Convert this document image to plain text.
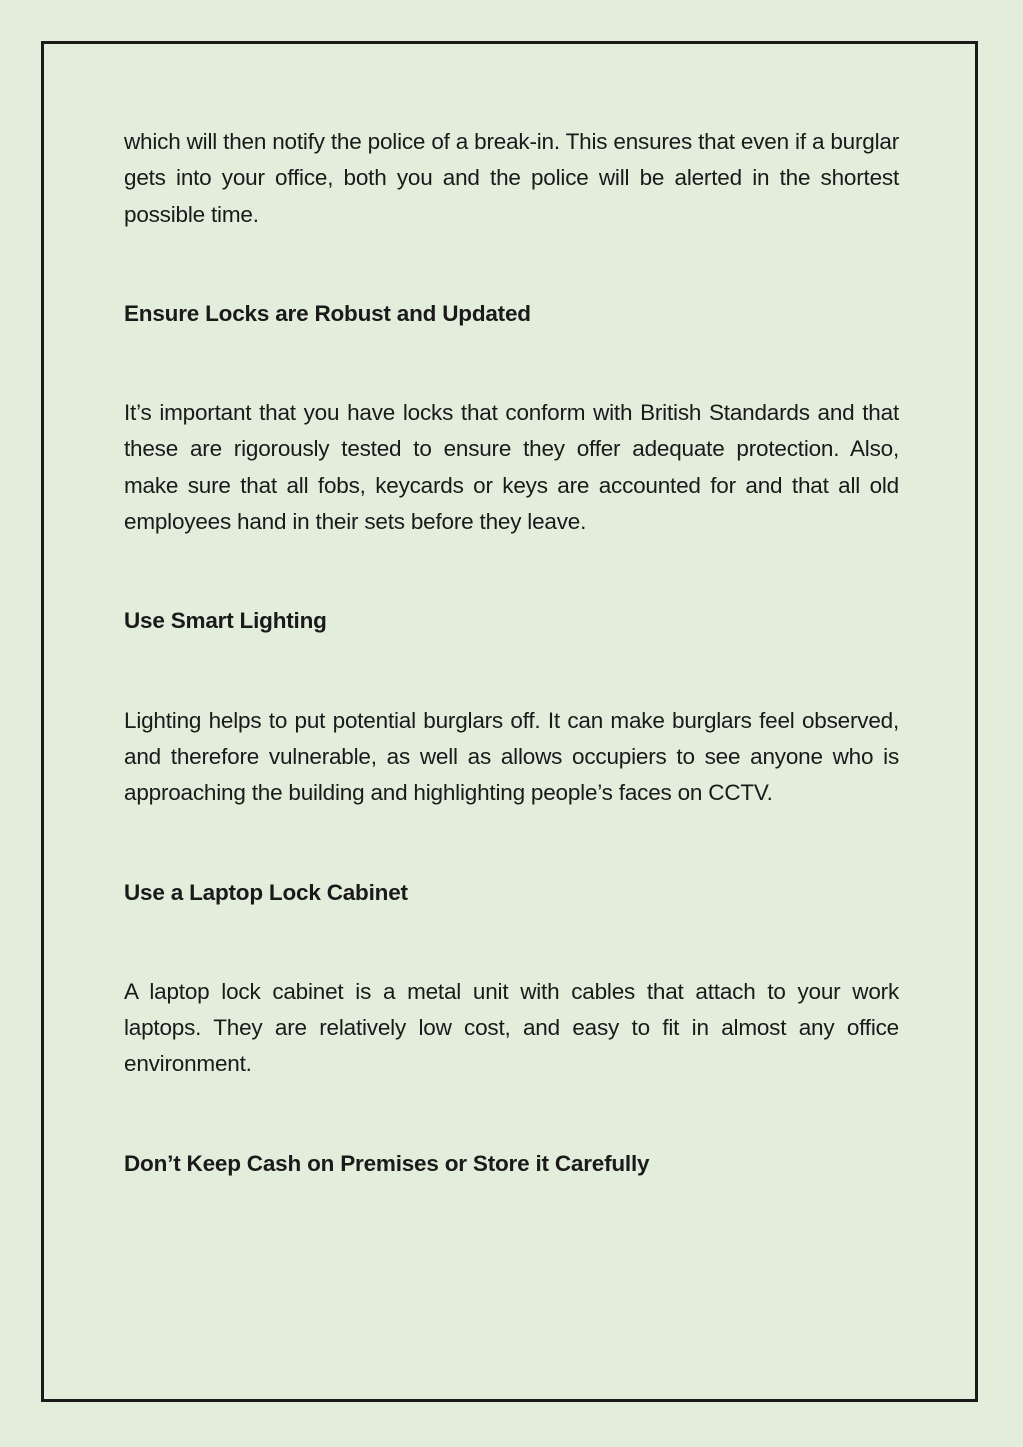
which will then notify the police of a break-in. This ensures that even if a burglar gets into your office, both you and the police will be alerted in the shortest possible time.

Ensure Locks are Robust and Updated

It’s important that you have locks that conform with British Standards and that these are rigorously tested to ensure they offer adequate protection. Also, make sure that all fobs, keycards or keys are accounted for and that all old employees hand in their sets before they leave.

Use Smart Lighting

Lighting helps to put potential burglars off. It can make burglars feel observed, and therefore vulnerable, as well as allows occupiers to see anyone who is approaching the building and highlighting people’s faces on CCTV.

Use a Laptop Lock Cabinet

A laptop lock cabinet is a metal unit with cables that attach to your work laptops. They are relatively low cost, and easy to fit in almost any office environment.

Don’t Keep Cash on Premises or Store it Carefully
